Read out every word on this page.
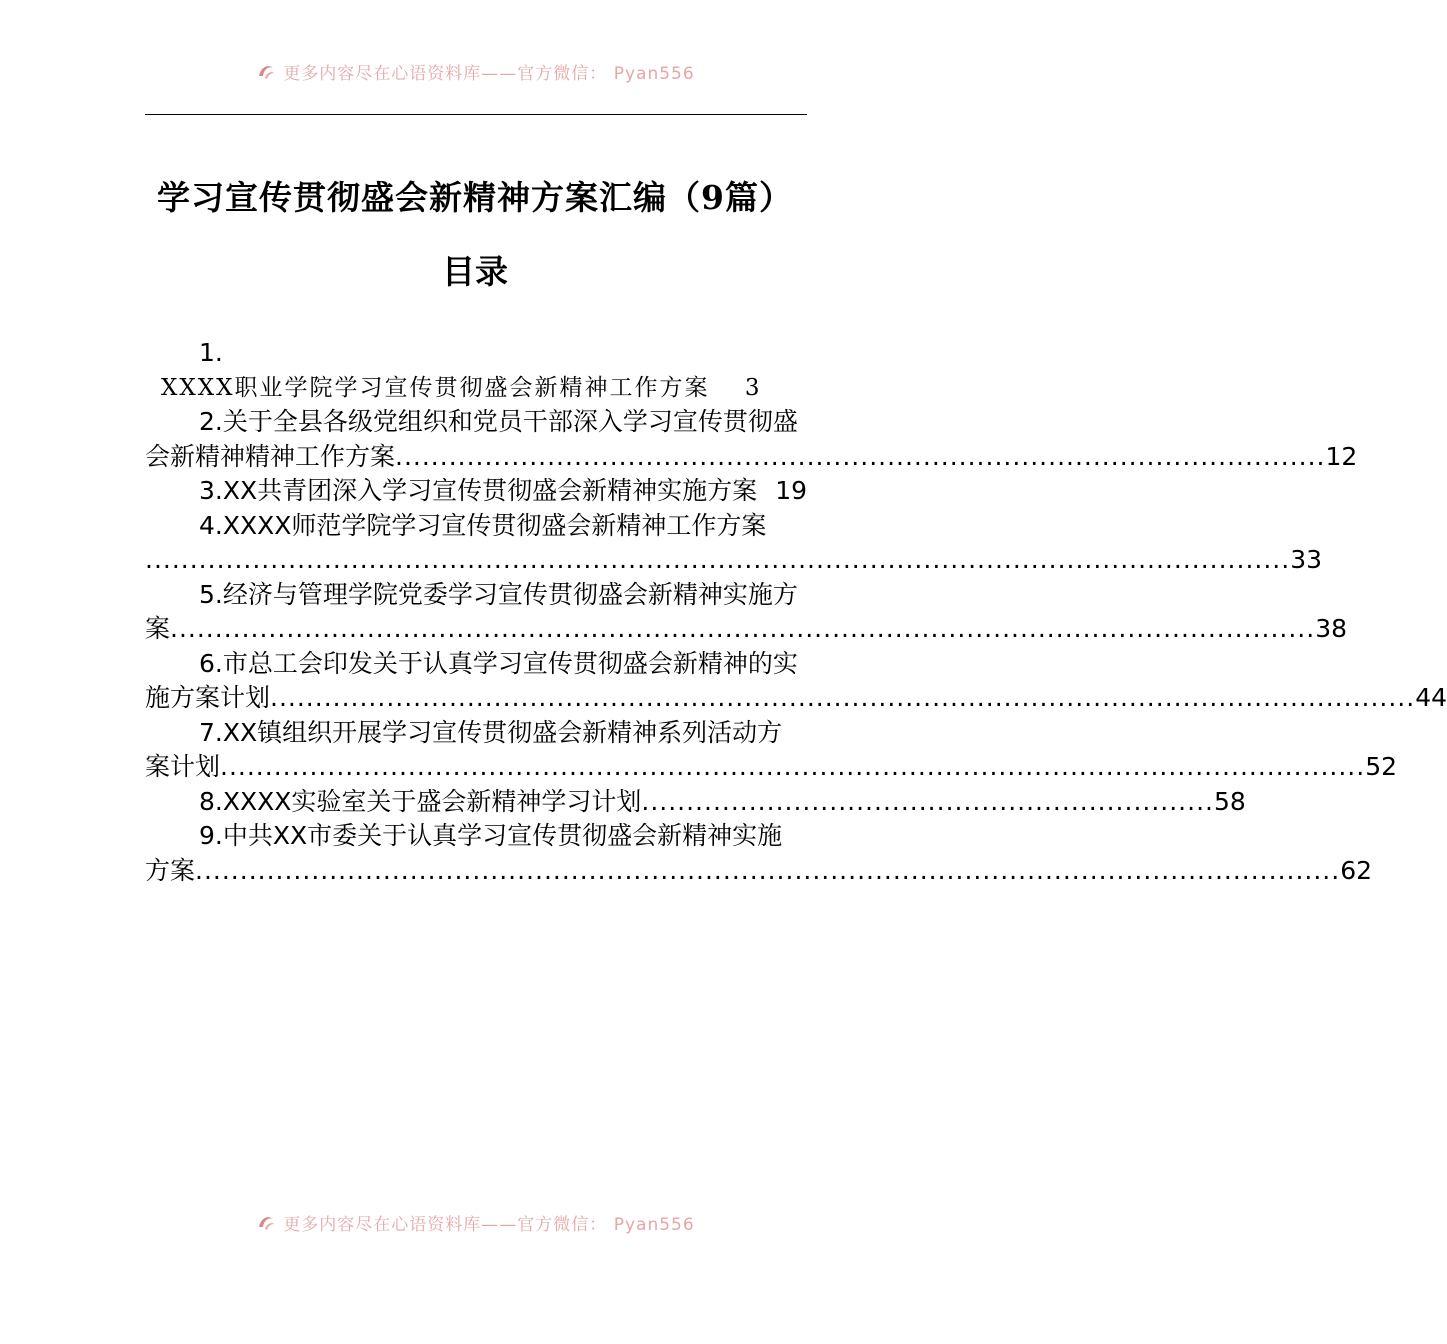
更多内容尽在心语资料库——官方微信： Pyan556
学习宣传贯彻盛会新精神方案汇编（9篇）
目录
1.
XXXX职业学院学习宣传贯彻盛会新精神工作方案 3
2.关于全县各级党组织和党员干部深入学习宣传贯彻盛
会新精神精神工作方案 ........................................................................................................ 12
3.XX共青团深入学习宣传贯彻盛会新精神实施方案 19
4.XXXX师范学院学习宣传贯彻盛会新精神工作方案
................................................................................................................................ 33
5.经济与管理学院党委学习宣传贯彻盛会新精神实施方
案 ................................................................................................................................ 38
6.市总工会印发关于认真学习宣传贯彻盛会新精神的实
施方案计划 ................................................................................................................................ 44
7.XX镇组织开展学习宣传贯彻盛会新精神系列活动方
案计划 ................................................................................................................................ 52
8.XXXX实验室关于盛会新精神学习计划 ................................................................ 58
9.中共XX市委关于认真学习宣传贯彻盛会新精神实施
方案 ................................................................................................................................ 62
更多内容尽在心语资料库——官方微信： Pyan556
